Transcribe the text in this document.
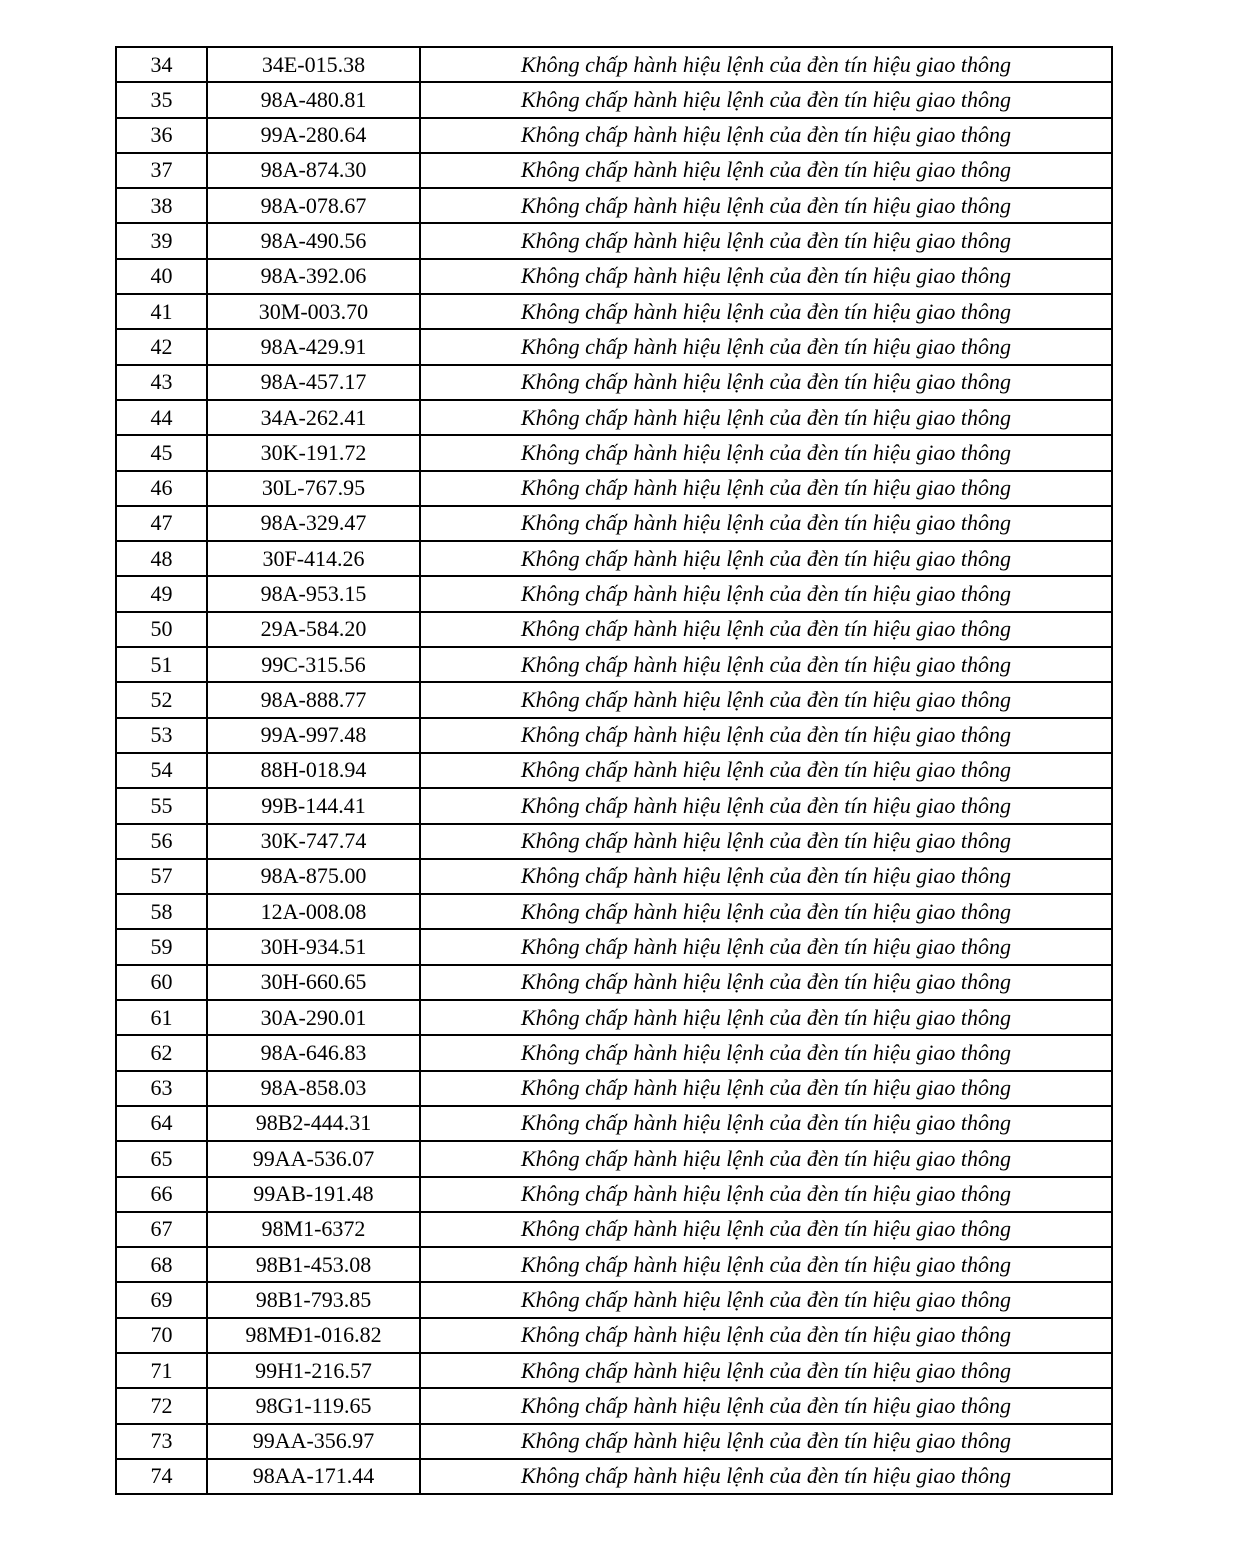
34	34E-015.38	Không chấp hành hiệu lệnh của đèn tín hiệu giao thông
35	98A-480.81	Không chấp hành hiệu lệnh của đèn tín hiệu giao thông
36	99A-280.64	Không chấp hành hiệu lệnh của đèn tín hiệu giao thông
37	98A-874.30	Không chấp hành hiệu lệnh của đèn tín hiệu giao thông
38	98A-078.67	Không chấp hành hiệu lệnh của đèn tín hiệu giao thông
39	98A-490.56	Không chấp hành hiệu lệnh của đèn tín hiệu giao thông
40	98A-392.06	Không chấp hành hiệu lệnh của đèn tín hiệu giao thông
41	30M-003.70	Không chấp hành hiệu lệnh của đèn tín hiệu giao thông
42	98A-429.91	Không chấp hành hiệu lệnh của đèn tín hiệu giao thông
43	98A-457.17	Không chấp hành hiệu lệnh của đèn tín hiệu giao thông
44	34A-262.41	Không chấp hành hiệu lệnh của đèn tín hiệu giao thông
45	30K-191.72	Không chấp hành hiệu lệnh của đèn tín hiệu giao thông
46	30L-767.95	Không chấp hành hiệu lệnh của đèn tín hiệu giao thông
47	98A-329.47	Không chấp hành hiệu lệnh của đèn tín hiệu giao thông
48	30F-414.26	Không chấp hành hiệu lệnh của đèn tín hiệu giao thông
49	98A-953.15	Không chấp hành hiệu lệnh của đèn tín hiệu giao thông
50	29A-584.20	Không chấp hành hiệu lệnh của đèn tín hiệu giao thông
51	99C-315.56	Không chấp hành hiệu lệnh của đèn tín hiệu giao thông
52	98A-888.77	Không chấp hành hiệu lệnh của đèn tín hiệu giao thông
53	99A-997.48	Không chấp hành hiệu lệnh của đèn tín hiệu giao thông
54	88H-018.94	Không chấp hành hiệu lệnh của đèn tín hiệu giao thông
55	99B-144.41	Không chấp hành hiệu lệnh của đèn tín hiệu giao thông
56	30K-747.74	Không chấp hành hiệu lệnh của đèn tín hiệu giao thông
57	98A-875.00	Không chấp hành hiệu lệnh của đèn tín hiệu giao thông
58	12A-008.08	Không chấp hành hiệu lệnh của đèn tín hiệu giao thông
59	30H-934.51	Không chấp hành hiệu lệnh của đèn tín hiệu giao thông
60	30H-660.65	Không chấp hành hiệu lệnh của đèn tín hiệu giao thông
61	30A-290.01	Không chấp hành hiệu lệnh của đèn tín hiệu giao thông
62	98A-646.83	Không chấp hành hiệu lệnh của đèn tín hiệu giao thông
63	98A-858.03	Không chấp hành hiệu lệnh của đèn tín hiệu giao thông
64	98B2-444.31	Không chấp hành hiệu lệnh của đèn tín hiệu giao thông
65	99AA-536.07	Không chấp hành hiệu lệnh của đèn tín hiệu giao thông
66	99AB-191.48	Không chấp hành hiệu lệnh của đèn tín hiệu giao thông
67	98M1-6372	Không chấp hành hiệu lệnh của đèn tín hiệu giao thông
68	98B1-453.08	Không chấp hành hiệu lệnh của đèn tín hiệu giao thông
69	98B1-793.85	Không chấp hành hiệu lệnh của đèn tín hiệu giao thông
70	98MĐ1-016.82	Không chấp hành hiệu lệnh của đèn tín hiệu giao thông
71	99H1-216.57	Không chấp hành hiệu lệnh của đèn tín hiệu giao thông
72	98G1-119.65	Không chấp hành hiệu lệnh của đèn tín hiệu giao thông
73	99AA-356.97	Không chấp hành hiệu lệnh của đèn tín hiệu giao thông
74	98AA-171.44	Không chấp hành hiệu lệnh của đèn tín hiệu giao thông
